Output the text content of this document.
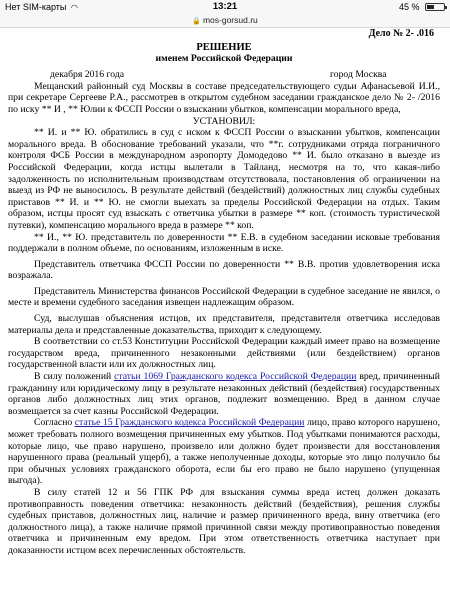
Нет SIM-карты ◠	13:21	45 %
🔒 mos-gorsud.ru
Дело № 2- .016
РЕШЕНИЕ
именем Российской Федерации
декабря 2016 года	город Москва

Мещанский районный суд Москвы в составе председательствующего судьи Афанасьевой И.И., при секретаре Сергееве Р.А., рассмотрев в открытом судебном заседании гражданское дело № 2- /2016 по иску ** И , ** Юлии к ФССП России о взыскании убытков, компенсации морального вреда,

УСТАНОВИЛ:

** И. и ** Ю. обратились в суд с иском к ФССП России о взыскании убытков, компенсации морального вреда. В обоснование требований указали, что **г. сотрудниками отряда пограничного контроля ФСБ России в международном аэропорту Домодедово ** И. было отказано в выезде из Российской Федерации, когда истцы вылетали в Тайланд, несмотря на то, что какая-либо задолженность по исполнительным производствам отсутствовала, постановления об ограничении на выезд из РФ не выносилось. В результате действий (бездействий) должностных лиц службы судебных приставов ** И. и ** Ю. не смогли выехать за пределы Российской Федерации на отдых. Таким образом, истцы просят суд взыскать с ответчика убытки в размере ** коп. (стоимость туристической путевки), компенсацию морального вреда в размере ** коп.

** И., ** Ю. представитель по доверенности ** Е.В. в судебном заседании исковые требования поддержали в полном объеме, по основаниям, изложенным в иске.

Представитель ответчика ФССП России по доверенности ** В.В. против удовлетворения иска возражала.

Представитель Министерства финансов Российской Федерации в судебное заседание не явился, о месте и времени судебного заседания извещен надлежащим образом.

Суд, выслушав объяснения истцов, их представителя, представителя ответчика исследовав материалы дела и представленные доказательства, приходит к следующему.

В соответствии со ст.53 Конституции Российской Федерации каждый имеет право на возмещение государством вреда, причиненного незаконными действиями (или бездействием) органов государственной власти или их должностных лиц.

В силу положений статьи 1069 Гражданского кодекса Российской Федерации вред, причиненный гражданину или юридическому лицу в результате незаконных действий (бездействия) государственных органов либо должностных лиц этих органов, подлежит возмещению. Вред в данном случае возмещается за счет казны Российской Федерации.

Согласно статье 15 Гражданского кодекса Российской Федерации лицо, право которого нарушено, может требовать полного возмещения причиненных ему убытков. Под убытками понимаются расходы, которые лицо, чье право нарушено, произвело или должно будет произвести для восстановления нарушенного права (реальный ущерб), а также неполученные доходы, которые это лицо получило бы при обычных условиях гражданского оборота, если бы его право не было нарушено (упущенная выгода).

В силу статей 12 и 56 ГПК РФ для взыскания суммы вреда истец должен доказать противоправность поведения ответчика: незаконность действий (бездействия), решения службы судебных приставов, должностных лиц, наличие и размер причиненного вреда, вину ответчика (его должностного лица), а также наличие прямой причинной связи между противоправностью поведения ответчика и причиненным ему вредом. При этом ответственность ответчика наступает при доказанности истцом всех перечисленных обстоятельств.
